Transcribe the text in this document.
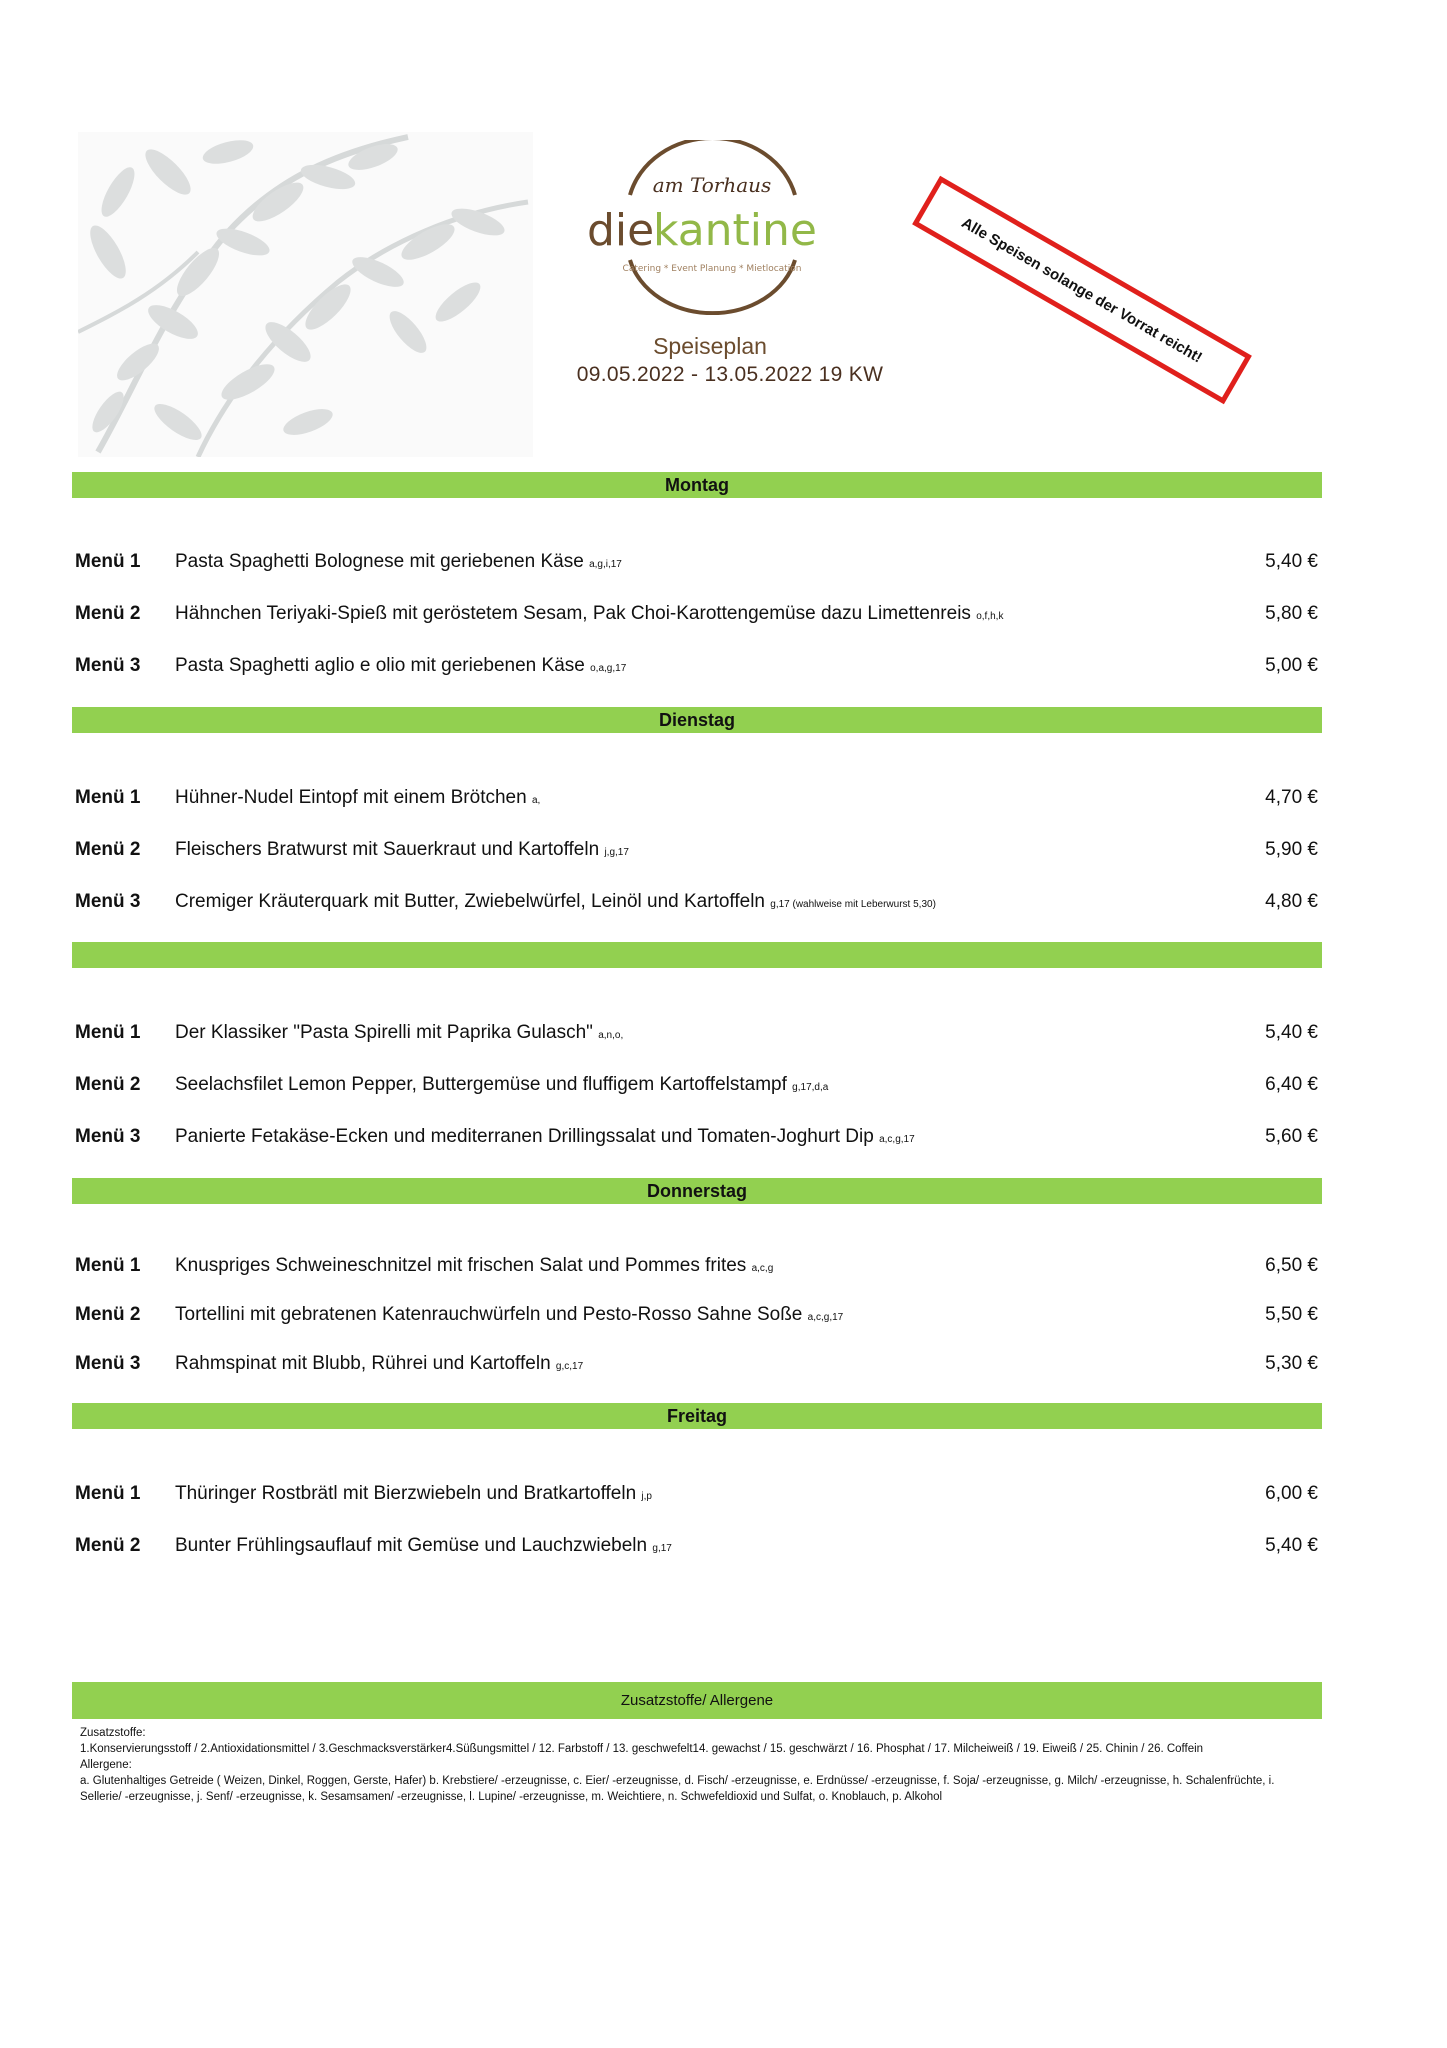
am Torhaus
die
kantine
Catering * Event Planung * Mietlocation
Speiseplan
09.05.2022 - 13.05.2022 19 KW
Alle Speisen solange der Vorrat reicht!
Montag
Menü 1 Pasta Spaghetti Bolognese mit geriebenen Käse a,g,i,17	5,40 €
Menü 2 Hähnchen Teriyaki-Spieß mit geröstetem Sesam, Pak Choi-Karottengemüse dazu Limettenreis o,f,h,k	5,80 €
Menü 3 Pasta Spaghetti aglio e olio mit geriebenen Käse o,a,g,17	5,00 €
Dienstag
Menü 1 Hühner-Nudel Eintopf mit einem Brötchen a,	4,70 €
Menü 2 Fleischers Bratwurst mit Sauerkraut und Kartoffeln j,g,17	5,90 €
Menü 3 Cremiger Kräuterquark mit Butter, Zwiebelwürfel, Leinöl und Kartoffeln g,17 (wahlweise mit Leberwurst 5,30)	4,80 €
Menü 1 Der Klassiker "Pasta Spirelli mit Paprika Gulasch" a,n,o,	5,40 €
Menü 2 Seelachsfilet Lemon Pepper, Buttergemüse und fluffigem Kartoffelstampf g,17,d,a	6,40 €
Menü 3 Panierte Fetakäse-Ecken und mediterranen Drillingssalat und Tomaten-Joghurt Dip a,c,g,17	5,60 €
Donnerstag
Menü 1 Knuspriges Schweineschnitzel mit frischen Salat und Pommes frites a,c,g	6,50 €
Menü 2 Tortellini mit gebratenen Katenrauchwürfeln und Pesto-Rosso Sahne Soße a,c,g,17	5,50 €
Menü 3 Rahmspinat mit Blubb, Rührei und Kartoffeln g,c,17	5,30 €
Freitag
Menü 1 Thüringer Rostbrätl mit Bierzwiebeln und Bratkartoffeln j,p	6,00 €
Menü 2 Bunter Frühlingsauflauf mit Gemüse und Lauchzwiebeln g,17	5,40 €
Zusatzstoffe/ Allergene
Zusatzstoffe:
1.Konservierungsstoff / 2.Antioxidationsmittel / 3.Geschmacksverstärker4.Süßungsmittel / 12. Farbstoff / 13. geschwefelt14. gewachst / 15. geschwärzt / 16. Phosphat / 17. Milcheiweiß / 19. Eiweiß / 25. Chinin / 26. Coffein
Allergene:
a. Glutenhaltiges Getreide ( Weizen, Dinkel, Roggen, Gerste, Hafer) b. Krebstiere/ -erzeugnisse, c. Eier/ -erzeugnisse, d. Fisch/ -erzeugnisse, e. Erdnüsse/ -erzeugnisse, f. Soja/ -erzeugnisse, g. Milch/ -erzeugnisse, h. Schalenfrüchte, i. Sellerie/ -erzeugnisse, j. Senf/ -erzeugnisse, k. Sesamsamen/ -erzeugnisse, l. Lupine/ -erzeugnisse, m. Weichtiere, n. Schwefeldioxid und Sulfat, o. Knoblauch, p. Alkohol
